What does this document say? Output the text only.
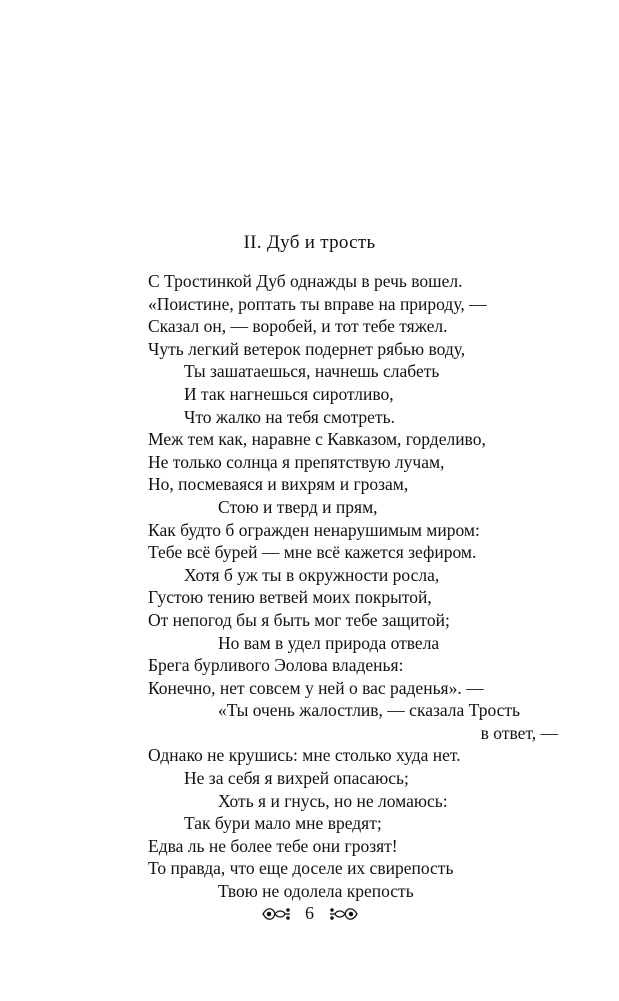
II. Дуб и трость
С Тростинкой Дуб однажды в речь вошел.
«Поистине, роптать ты вправе на природу, —
Сказал он, — воробей, и тот тебе тяжел.
Чуть легкий ветерок подернет рябью воду,
Ты зашатаешься, начнешь слабеть
И так нагнешься сиротливо,
Что жалко на тебя смотреть.
Меж тем как, наравне с Кавказом, горделиво,
Не только солнца я препятствую лучам,
Но, посмеваяся и вихрям и грозам,
Стою и тверд и прям,
Как будто б огражден ненарушимым миром:
Тебе всё бурей — мне всё кажется зефиром.
Хотя б уж ты в окружности росла,
Густою тению ветвей моих покрытой,
От непогод бы я быть мог тебе защитой;
Но вам в удел природа отвела
Брега бурливого Эолова владенья:
Конечно, нет совсем у ней о вас раденья». —
«Ты очень жалостлив, — сказала Трость
в ответ, —
Однако не крушись: мне столько худа нет.
Не за себя я вихрей опасаюсь;
Хоть я и гнусь, но не ломаюсь:
Так бури мало мне вредят;
Едва ль не более тебе они грозят!
То правда, что еще доселе их свирепость
Твою не одолела крепость
6
